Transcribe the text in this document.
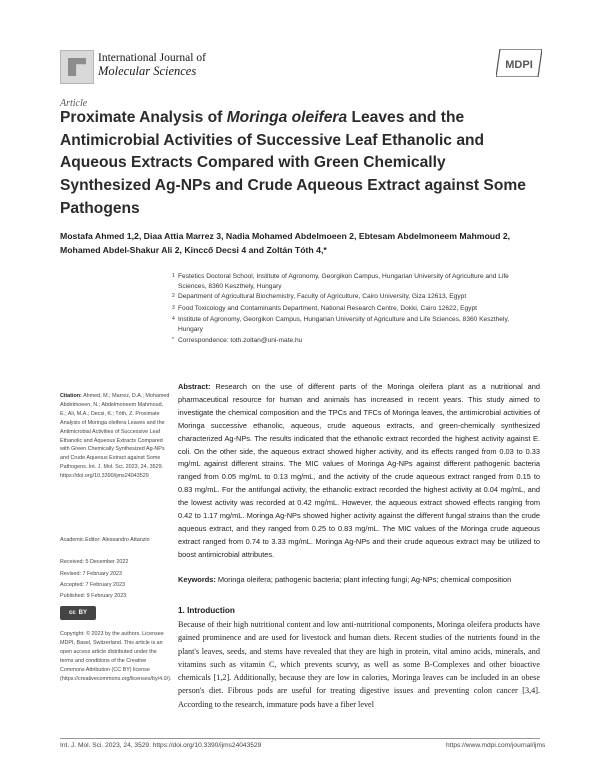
International Journal of
Molecular Sciences	MDPI
Article
Proximate Analysis of Moringa oleifera Leaves and the Antimicrobial Activities of Successive Leaf Ethanolic and Aqueous Extracts Compared with Green Chemically Synthesized Ag-NPs and Crude Aqueous Extract against Some Pathogens
Mostafa Ahmed 1,2, Diaa Attia Marrez 3, Nadia Mohamed Abdelmoeen 2, Ebtesam Abdelmoneem Mahmoud 2, Mohamed Abdel-Shakur Ali 2, Kinccő Decsi 4 and Zoltán Tóth 4,*
1 Festetics Doctoral School, Institute of Agronomy, Georgikon Campus, Hungarian University of Agriculture and Life Sciences, 8360 Keszthely, Hungary
2 Department of Agricultural Biochemistry, Faculty of Agriculture, Cairo University, Giza 12613, Egypt
3 Food Toxicology and Contaminants Department, National Research Centre, Dokki, Cairo 12622, Egypt
4 Institute of Agronomy, Georgikon Campus, Hungarian University of Agriculture and Life Sciences, 8360 Keszthely, Hungary
* Correspondence: toth.zoltan@uni-mate.hu
Citation: Ahmed, M.; Marrez, D.A.; Mohamed Abdelmoeen, N.; Abdelmoneem Mahmoud, E.; Ali, M.A.; Decsi, K.; Tóth, Z. Proximate Analysis of Moringa oleifera Leaves and the Antimicrobial Activities of Successive Leaf Ethanolic and Aqueous Extracts Compared with Green Chemically Synthesized Ag-NPs and Crude Aqueous Extract against Some Pathogens. Int. J. Mol. Sci. 2023, 24, 3529. https://doi.org/10.3390/ijms24043529
Academic Editor: Alessandro Attanzio
Received: 5 December 2022
Revised: 7 February 2023
Accepted: 7 February 2023
Published: 9 February 2023
cc BY
Copyright: © 2023 by the authors. Licensee MDPI, Basel, Switzerland. This article is an open access article distributed under the terms and conditions of the Creative Commons Attribution (CC BY) license (https://creativecommons.org/licenses/by/4.0/).
Abstract: Research on the use of different parts of the Moringa oleifera plant as a nutritional and pharmaceutical resource for human and animals has increased in recent years. This study aimed to investigate the chemical composition and the TPCs and TFCs of Moringa leaves, the antimicrobial activities of Moringa successive ethanolic, aqueous, crude aqueous extracts, and green-chemically synthesized characterized Ag-NPs. The results indicated that the ethanolic extract recorded the highest activity against E. coli. On the other side, the aqueous extract showed higher activity, and its effects ranged from 0.03 to 0.33 mg/mL against different strains. The MIC values of Moringa Ag-NPs against different pathogenic bacteria ranged from 0.05 mg/mL to 0.13 mg/mL, and the activity of the crude aqueous extract ranged from 0.15 to 0.83 mg/mL. For the antifungal activity, the ethanolic extract recorded the highest activity at 0.04 mg/mL, and the lowest activity was recorded at 0.42 mg/mL. However, the aqueous extract showed effects ranging from 0.42 to 1.17 mg/mL. Moringa Ag-NPs showed higher activity against the different fungal strains than the crude aqueous extract, and they ranged from 0.25 to 0.83 mg/mL. The MIC values of the Moringa crude aqueous extract ranged from 0.74 to 3.33 mg/mL. Moringa Ag-NPs and their crude aqueous extract may be utilized to boost antimicrobial attributes.
Keywords: Moringa oleifera; pathogenic bacteria; plant infecting fungi; Ag-NPs; chemical composition
1. Introduction
Because of their high nutritional content and low anti-nutritional components, Moringa oleifera products have gained prominence and are used for livestock and human diets. Recent studies of the nutrients found in the plant's leaves, seeds, and stems have revealed that they are high in protein, vital amino acids, minerals, and vitamins such as vitamin C, which prevents scurvy, as well as some B-Complexes and other bioactive chemicals [1,2]. Additionally, because they are low in calories, Moringa leaves can be included in an obese person's diet. Fibrous pods are useful for treating digestive issues and preventing colon cancer [3,4]. According to the research, immature pods have a fiber level
Int. J. Mol. Sci. 2023, 24, 3529. https://doi.org/10.3390/ijms24043529	https://www.mdpi.com/journal/ijms
